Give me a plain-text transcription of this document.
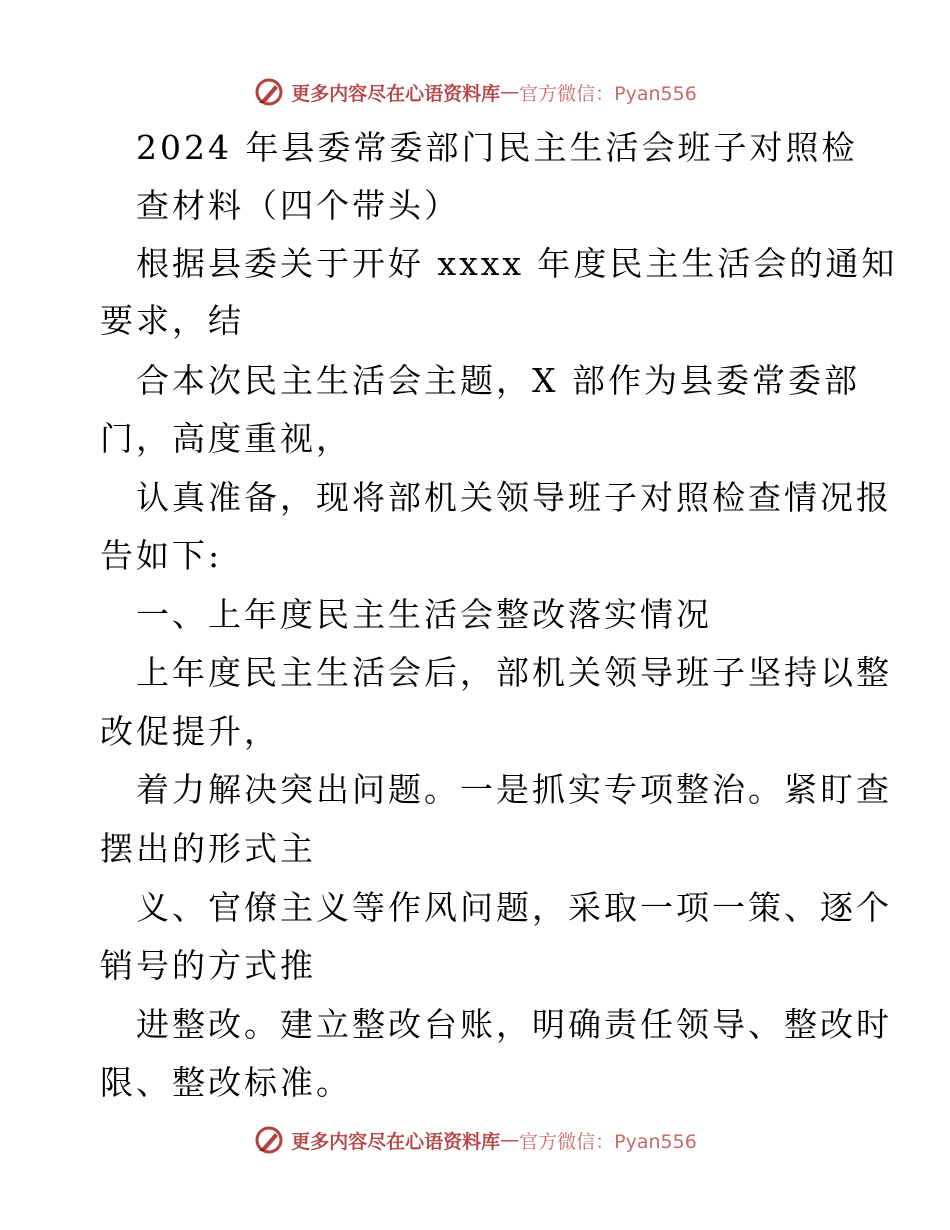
更多内容尽在心语资料库 — 官方微信：Pyan556
2024 年县委常委部门民主生活会班子对照检
查材料（四个带头）
根据县委关于开好 xxxx 年度民主生活会的通知
要求，结
合本次民主生活会主题，X 部作为县委常委部
门，高度重视，
认真准备，现将部机关领导班子对照检查情况报
告如下:
一、上年度民主生活会整改落实情况
上年度民主生活会后，部机关领导班子坚持以整
改促提升，
着力解决突出问题。一是抓实专项整治。紧盯查
摆出的形式主
义、官僚主义等作风问题，采取一项一策、逐个
销号的方式推
进整改。建立整改台账，明确责任领导、整改时
限、整改标准。
更多内容尽在心语资料库 — 官方微信：Pyan556
